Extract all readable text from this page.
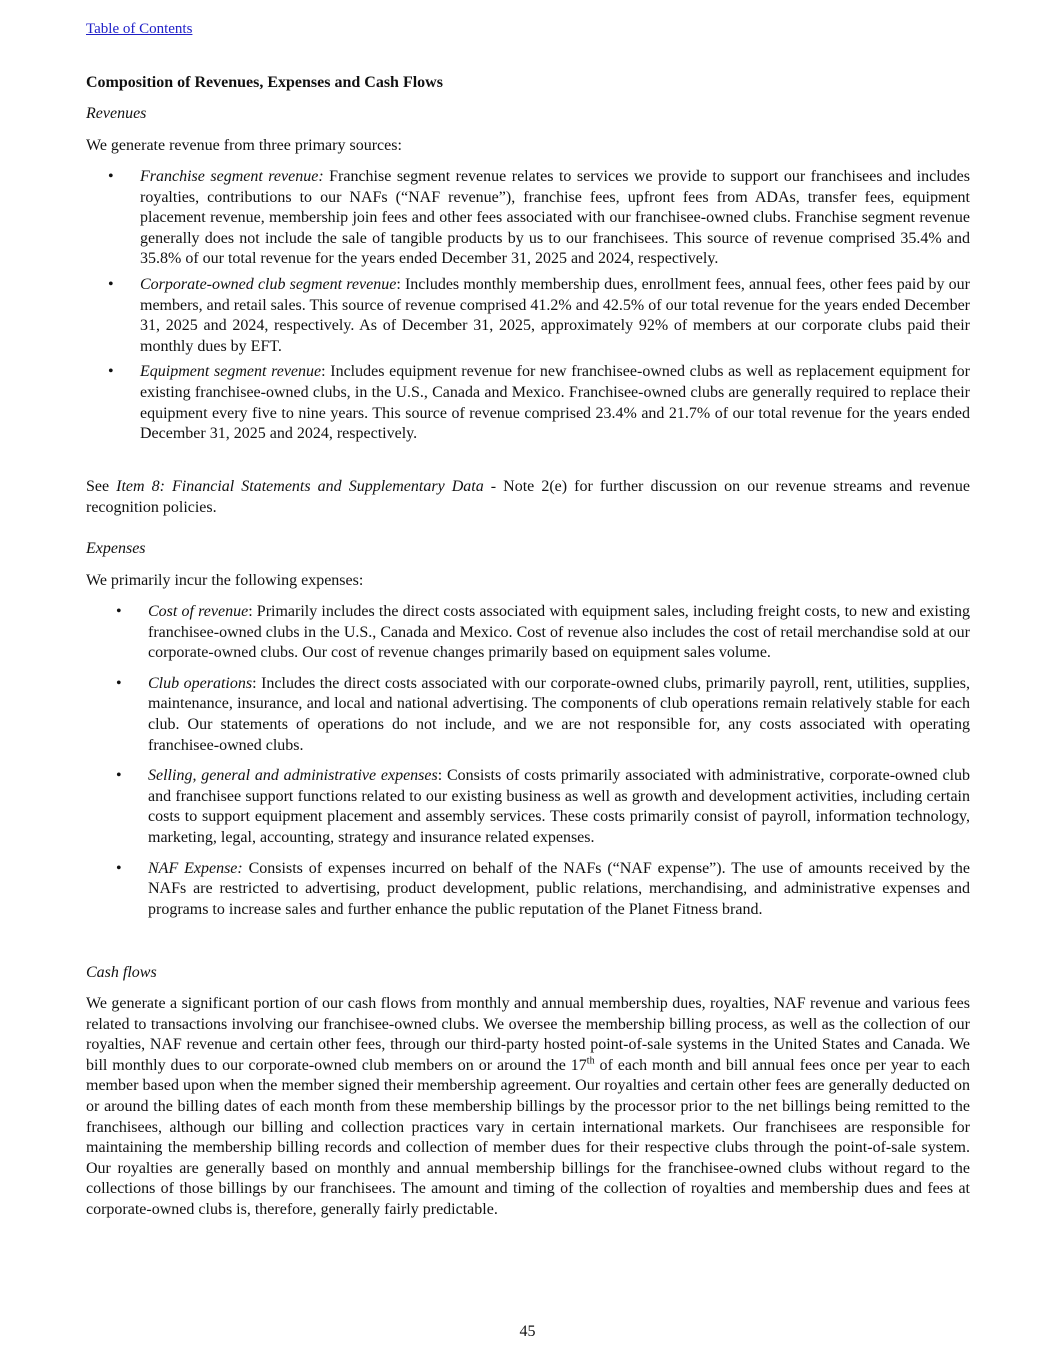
Table of Contents
Composition of Revenues, Expenses and Cash Flows

Revenues

We generate revenue from three primary sources:

• Franchise segment revenue: Franchise segment revenue relates to services we provide to support our franchisees and includes royalties, contributions to our NAFs (“NAF revenue”), franchise fees, upfront fees from ADAs, transfer fees, equipment placement revenue, membership join fees and other fees associated with our franchisee-owned clubs. Franchise segment revenue generally does not include the sale of tangible products by us to our franchisees. This source of revenue comprised 35.4% and 35.8% of our total revenue for the years ended December 31, 2025 and 2024, respectively.
• Corporate-owned club segment revenue: Includes monthly membership dues, enrollment fees, annual fees, other fees paid by our members, and retail sales. This source of revenue comprised 41.2% and 42.5% of our total revenue for the years ended December 31, 2025 and 2024, respectively. As of December 31, 2025, approximately 92% of members at our corporate clubs paid their monthly dues by EFT.
• Equipment segment revenue: Includes equipment revenue for new franchisee-owned clubs as well as replacement equipment for existing franchisee-owned clubs, in the U.S., Canada and Mexico. Franchisee-owned clubs are generally required to replace their equipment every five to nine years. This source of revenue comprised 23.4% and 21.7% of our total revenue for the years ended December 31, 2025 and 2024, respectively.

See Item 8: Financial Statements and Supplementary Data - Note 2(e) for further discussion on our revenue streams and revenue recognition policies.

Expenses

We primarily incur the following expenses:

• Cost of revenue: Primarily includes the direct costs associated with equipment sales, including freight costs, to new and existing franchisee-owned clubs in the U.S., Canada and Mexico. Cost of revenue also includes the cost of retail merchandise sold at our corporate-owned clubs. Our cost of revenue changes primarily based on equipment sales volume.
• Club operations: Includes the direct costs associated with our corporate-owned clubs, primarily payroll, rent, utilities, supplies, maintenance, insurance, and local and national advertising. The components of club operations remain relatively stable for each club. Our statements of operations do not include, and we are not responsible for, any costs associated with operating franchisee-owned clubs.
• Selling, general and administrative expenses: Consists of costs primarily associated with administrative, corporate-owned club and franchisee support functions related to our existing business as well as growth and development activities, including certain costs to support equipment placement and assembly services. These costs primarily consist of payroll, information technology, marketing, legal, accounting, strategy and insurance related expenses.
• NAF Expense: Consists of expenses incurred on behalf of the NAFs (“NAF expense”). The use of amounts received by the NAFs are restricted to advertising, product development, public relations, merchandising, and administrative expenses and programs to increase sales and further enhance the public reputation of the Planet Fitness brand.

Cash flows

We generate a significant portion of our cash flows from monthly and annual membership dues, royalties, NAF revenue and various fees related to transactions involving our franchisee-owned clubs. We oversee the membership billing process, as well as the collection of our royalties, NAF revenue and certain other fees, through our third-party hosted point-of-sale systems in the United States and Canada. We bill monthly dues to our corporate-owned club members on or around the 17th of each month and bill annual fees once per year to each member based upon when the member signed their membership agreement. Our royalties and certain other fees are generally deducted on or around the billing dates of each month from these membership billings by the processor prior to the net billings being remitted to the franchisees, although our billing and collection practices vary in certain international markets. Our franchisees are responsible for maintaining the membership billing records and collection of member dues for their respective clubs through the point-of-sale system. Our royalties are generally based on monthly and annual membership billings for the franchisee-owned clubs without regard to the collections of those billings by our franchisees. The amount and timing of the collection of royalties and membership dues and fees at corporate-owned clubs is, therefore, generally fairly predictable.

45
